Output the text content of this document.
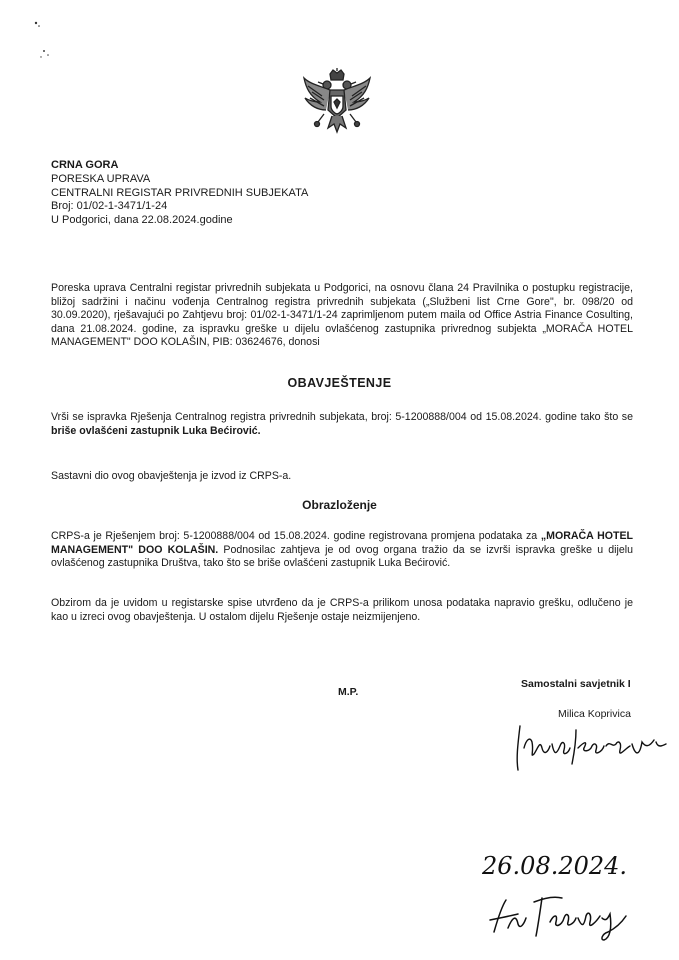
CRNA GORA
PORESKA UPRAVA
CENTRALNI REGISTAR PRIVREDNIH SUBJEKATA
Broj: 01/02-1-3471/1-24
U Podgorici, dana 22.08.2024.godine
Poreska uprava Centralni registar privrednih subjekata u Podgorici, na osnovu člana 24 Pravilnika o postupku registracije, bližoj sadržini i načinu vođenja Centralnog registra privrednih subjekata („Službeni list Crne Gore", br. 098/20 od 30.09.2020), rješavajući po Zahtjevu broj: 01/02-1-3471/1-24 zaprimljenom putem maila od Office Astria Finance Cosulting, dana 21.08.2024. godine, za ispravku greške u dijelu ovlašćenog zastupnika privrednog subjekta „MORAČA HOTEL MANAGEMENT" DOO KOLAŠIN, PIB: 03624676, donosi
OBAVJEŠTENJE
Vrši se ispravka Rješenja Centralnog registra privrednih subjekata, broj: 5-1200888/004 od 15.08.2024. godine tako što se briše ovlašćeni zastupnik Luka Bećirović.
Sastavni dio ovog obavještenja je izvod iz CRPS-a.
Obrazloženje
CRPS-a je Rješenjem broj: 5-1200888/004 od 15.08.2024. godine registrovana promjena podataka za „MORAČA HOTEL MANAGEMENT" DOO KOLAŠIN. Podnosilac zahtjeva je od ovog organa tražio da se izvrši ispravka greške u dijelu ovlašćenog zastupnika Društva, tako što se briše ovlašćeni zastupnik Luka Bećirović.
Obzirom da je uvidom u registarske spise utvrđeno da je CRPS-a prilikom unosa podataka napravio grešku, odlučeno je kao u izreci ovog obavještenja. U ostalom dijelu Rješenje ostaje neizmijenjeno.
Samostalni savjetnik I
M.P.
Milica Koprivica
26.08.2024.
